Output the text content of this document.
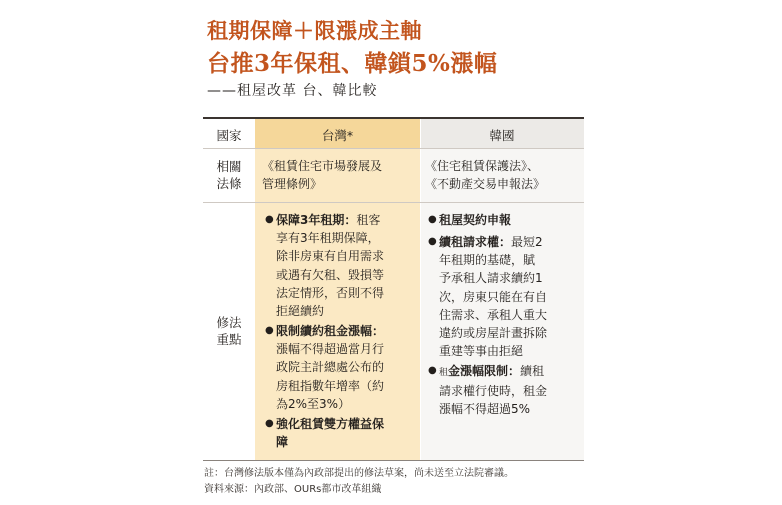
租期保障＋限漲成主軸
台推3年保租、韓鎖5%漲幅
——租屋改革 台、韓比較
國家	台灣*	韓國
相關
法條
《租賃住宅市場發展及
管理條例》
《住宅租賃保護法》、
《不動產交易申報法》
修法
重點
● 保障3年租期：租客
享有3年租期保障，
除非房東有自用需求
或遇有欠租、毀損等
法定情形，否則不得
拒絕續約
● 限制續約租金漲幅：
漲幅不得超過當月行
政院主計總處公布的
房租指數年增率（約
為2%至3%）
● 強化租賃雙方權益保
障
● 租屋契約申報
● 續租請求權：最短2
年租期的基礎，賦
予承租人請求續約1
次，房東只能在有自
住需求、承租人重大
違約或房屋計畫拆除
重建等事由拒絕
● 租金漲幅限制：續租
請求權行使時，租金
漲幅不得超過5%
註：台灣修法版本僅為內政部提出的修法草案，尚未送至立法院審議。
資料來源：內政部、OURs都市改革組織
